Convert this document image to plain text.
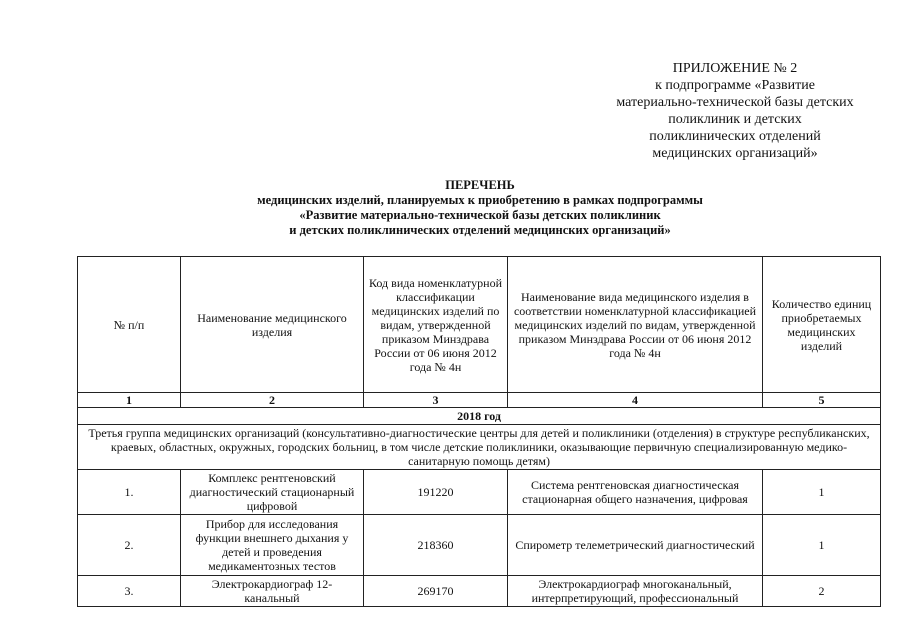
ПРИЛОЖЕНИЕ № 2
к подпрограмме «Развитие
материально-технической базы детских
поликлиник и детских
поликлинических отделений
медицинских организаций»
ПЕРЕЧЕНЬ
медицинских изделий, планируемых к приобретению в рамках подпрограммы
«Развитие материально-технической базы детских поликлиник
и детских поликлинических отделений медицинских организаций»
№ п/п	Наименование медицинского изделия	Код вида номенклатурной классификации медицинских изделий по видам, утвержденной приказом Минздрава России от 06 июня 2012 года № 4н	Наименование вида медицинского изделия в соответствии номенклатурной классификацией медицинских изделий по видам, утвержденной приказом Минздрава России от 06 июня 2012 года № 4н	Количество единиц приобретаемых медицинских изделий
1	2	3	4	5
2018 год				
Третья группа медицинских организаций (консультативно-диагностические центры для детей и поликлиники (отделения) в структуре республиканских, краевых, областных, окружных, городских больниц, в том числе детские поликлиники, оказывающие первичную специализированную медико-санитарную помощь детям)				
1.	Комплекс рентгеновский диагностический стационарный цифровой	191220	Система рентгеновская диагностическая стационарная общего назначения, цифровая	1
2.	Прибор для исследования функции внешнего дыхания у детей и проведения медикаментозных тестов	218360	Спирометр телеметрический диагностический	1
3.	Электрокардиограф 12-канальный	269170	Электрокардиограф многоканальный, интерпретирующий, профессиональный	2
